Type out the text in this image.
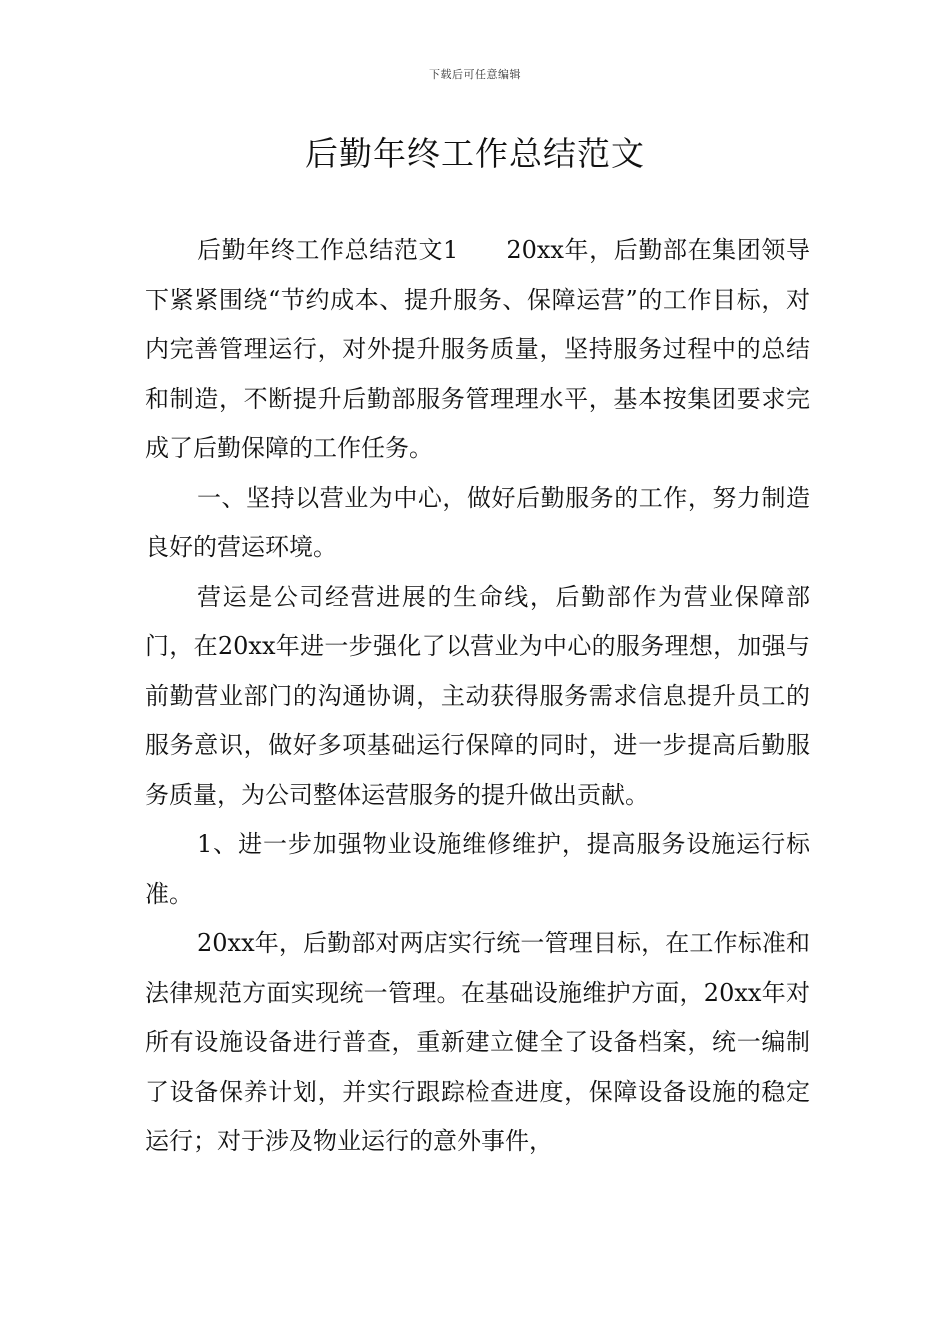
下载后可任意编辑
后勤年终工作总结范文

后勤年终工作总结范文1 20xx年，后勤部在集团领导下紧紧围绕“节约成本、提升服务、保障运营”的工作目标，对内完善管理运行，对外提升服务质量，坚持服务过程中的总结和制造，不断提升后勤部服务管理理水平，基本按集团要求完成了后勤保障的工作任务。

一、坚持以营业为中心，做好后勤服务的工作，努力制造良好的营运环境。

营运是公司经营进展的生命线，后勤部作为营业保障部门，在20xx年进一步强化了以营业为中心的服务理想，加强与前勤营业部门的沟通协调，主动获得服务需求信息提升员工的服务意识，做好多项基础运行保障的同时，进一步提高后勤服务质量，为公司整体运营服务的提升做出贡献。

1、进一步加强物业设施维修维护，提高服务设施运行标准。

20xx年，后勤部对两店实行统一管理目标，在工作标准和法律规范方面实现统一管理。在基础设施维护方面，20xx年对所有设施设备进行普查，重新建立健全了设备档案，统一编制了设备保养计划，并实行跟踪检查进度，保障设备设施的稳定运行；对于涉及物业运行的意外事件，
